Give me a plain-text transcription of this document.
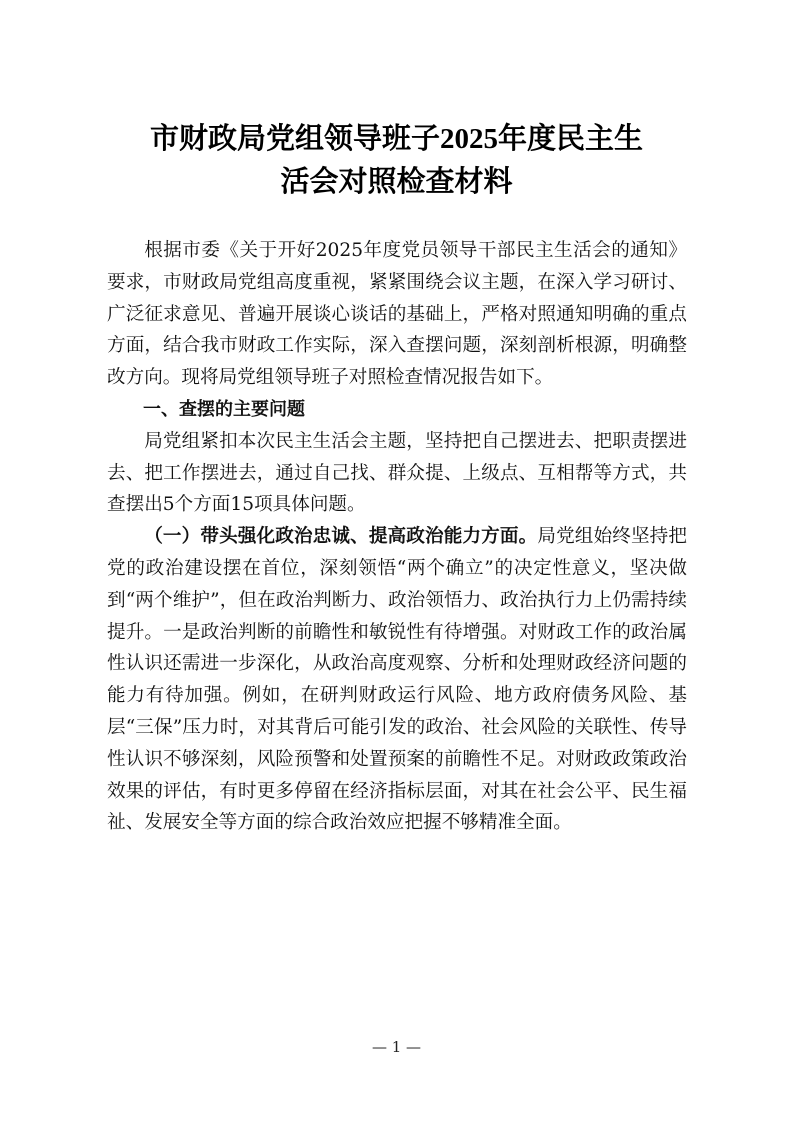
市财政局党组领导班子2025年度民主生
活会对照检查材料

根据市委《关于开好2025年度党员领导干部民主生活会的通知》要求，市财政局党组高度重视，紧紧围绕会议主题，在深入学习研讨、广泛征求意见、普遍开展谈心谈话的基础上，严格对照通知明确的重点方面，结合我市财政工作实际，深入查摆问题，深刻剖析根源，明确整改方向。现将局党组领导班子对照检查情况报告如下。

一、查摆的主要问题

局党组紧扣本次民主生活会主题，坚持把自己摆进去、把职责摆进去、把工作摆进去，通过自己找、群众提、上级点、互相帮等方式，共查摆出5个方面15项具体问题。

（一）带头强化政治忠诚、提高政治能力方面。局党组始终坚持把党的政治建设摆在首位，深刻领悟“两个确立”的决定性意义，坚决做到“两个维护”，但在政治判断力、政治领悟力、政治执行力上仍需持续提升。一是政治判断的前瞻性和敏锐性有待增强。对财政工作的政治属性认识还需进一步深化，从政治高度观察、分析和处理财政经济问题的能力有待加强。例如，在研判财政运行风险、地方政府债务风险、基层“三保”压力时，对其背后可能引发的政治、社会风险的关联性、传导性认识不够深刻，风险预警和处置预案的前瞻性不足。对财政政策政治效果的评估，有时更多停留在经济指标层面，对其在社会公平、民生福祉、发展安全等方面的综合政治效应把握不够精准全面。

— 1 —
